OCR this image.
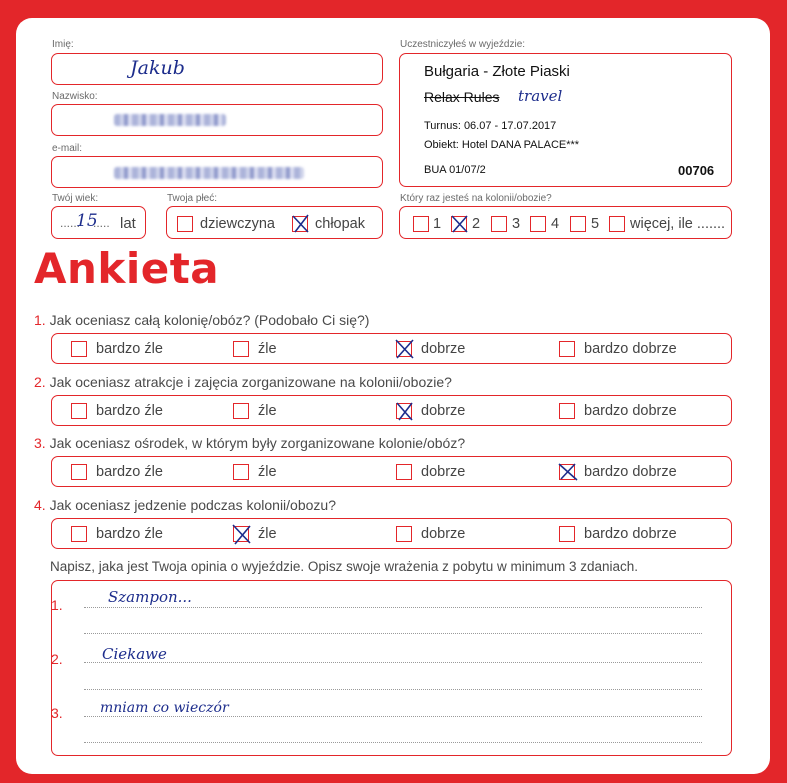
Imię:
Jakub
Nazwisko:
e-mail:
Twój wiek:
......
15
..... lat
Twoja płeć:
dziewczyna	chłopak
Uczestniczyłeś w wyjeździe:
Bułgaria - Złote Piaski
Relax Rules travel
Turnus: 06.07 - 17.07.2017
Obiekt: Hotel DANA PALACE***
BUA 01/07/2	00706
Który raz jesteś na kolonii/obozie?
1 2 3 4 5 więcej, ile .......
Ankieta
1. Jak oceniasz całą kolonię/obóz? (Podobało Ci się?)
bardzo źle	źle	dobrze	bardzo dobrze
2. Jak oceniasz atrakcje i zajęcia zorganizowane na kolonii/obozie?
bardzo źle	źle	dobrze	bardzo dobrze
3. Jak oceniasz ośrodek, w którym były zorganizowane kolonie/obóz?
bardzo źle	źle	dobrze	bardzo dobrze
4. Jak oceniasz jedzenie podczas kolonii/obozu?
bardzo źle	źle	dobrze	bardzo dobrze
Napisz, jaka jest Twoja opinia o wyjeździe. Opisz swoje wrażenia z pobytu w minimum 3 zdaniach.
1.	Szampon...
2.	Ciekawe
3.	mniam co wieczór
